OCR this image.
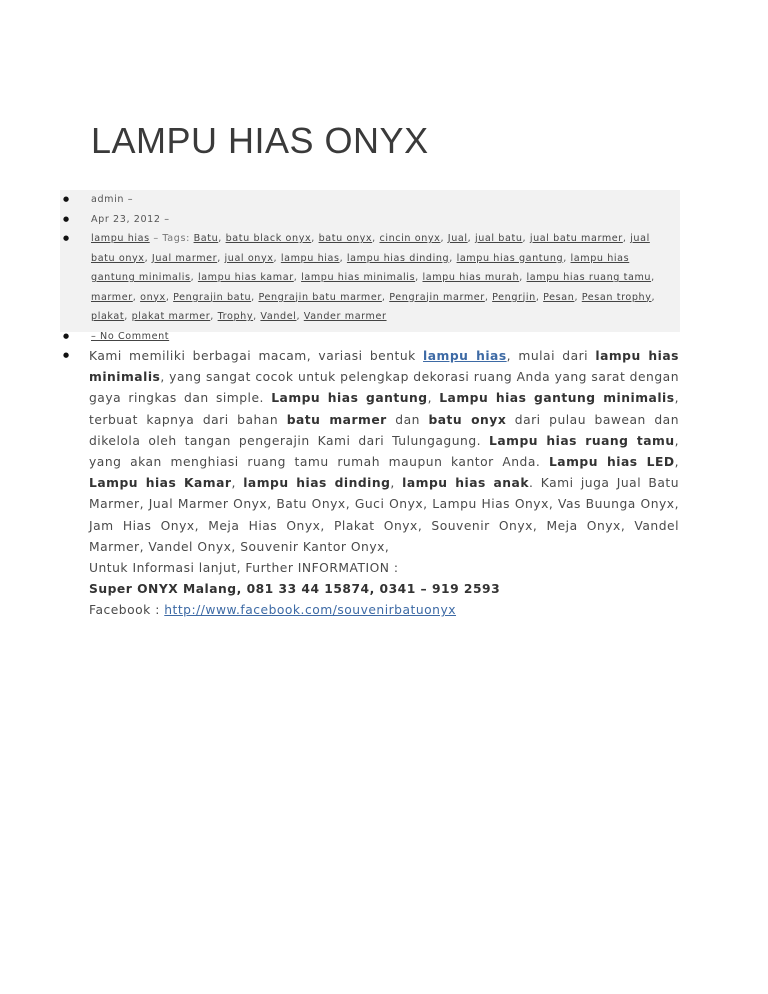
LAMPU HIAS ONYX
● admin –
● Apr 23, 2012 –
● lampu hias – Tags: Batu, batu black onyx, batu onyx, cincin onyx, Jual, jual batu, jual batu marmer, jual batu onyx, Jual marmer, jual onyx, lampu hias, lampu hias dinding, lampu hias gantung, lampu hias gantung minimalis, lampu hias kamar, lampu hias minimalis, lampu hias murah, lampu hias ruang tamu, marmer, onyx, Pengrajin batu, Pengrajin batu marmer, Pengrajin marmer, Pengrjin, Pesan, Pesan trophy, plakat, plakat marmer, Trophy, Vandel, Vander marmer
● – No Comment
●

Kami memiliki berbagai macam, variasi bentuk lampu hias, mulai dari lampu hias minimalis, yang sangat cocok untuk pelengkap dekorasi ruang Anda yang sarat dengan gaya ringkas dan simple. Lampu hias gantung, Lampu hias gantung minimalis, terbuat kapnya dari bahan batu marmer dan batu onyx dari pulau bawean dan dikelola oleh tangan pengerajin Kami dari Tulungagung. Lampu hias ruang tamu, yang akan menghiasi ruang tamu rumah maupun kantor Anda. Lampu hias LED, Lampu hias Kamar, lampu hias dinding, lampu hias anak. Kami juga Jual Batu Marmer, Jual Marmer Onyx, Batu Onyx, Guci Onyx, Lampu Hias Onyx, Vas Buunga Onyx, Jam Hias Onyx, Meja Hias Onyx, Plakat Onyx, Souvenir Onyx, Meja Onyx, Vandel Marmer, Vandel Onyx, Souvenir Kantor Onyx,

Untuk Informasi lanjut, Further INFORMATION :
Super ONYX Malang, 081 33 44 15874, 0341 – 919 2593
Facebook : http://www.facebook.com/souvenirbatuonyx
